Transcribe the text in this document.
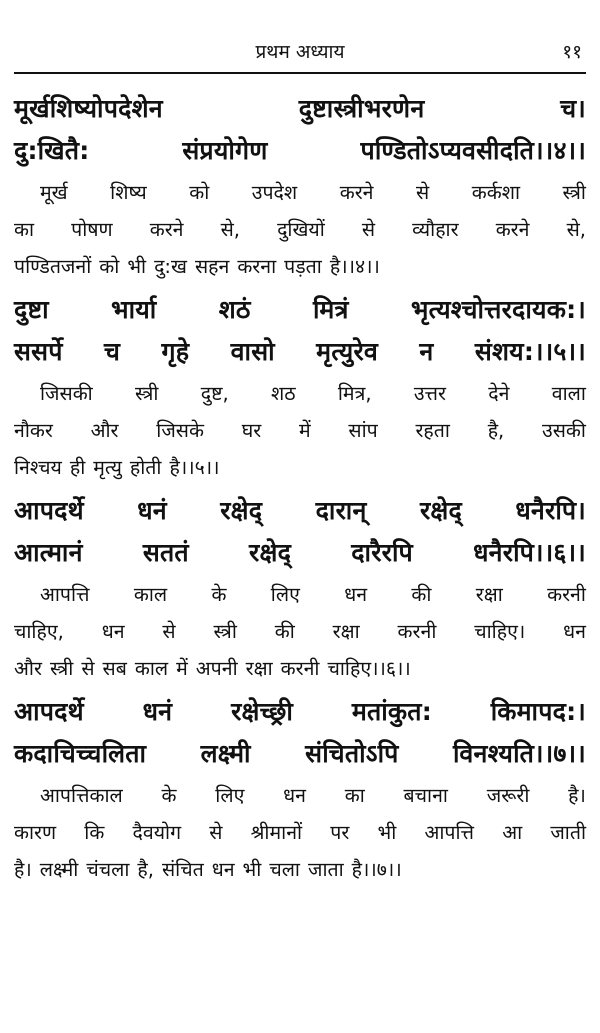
प्रथम अध्याय	११
मूर्खशिष्योपदेशेन	दुष्टास्त्रीभरणेन	च।
दु:खितै:	संप्रयोगेण	पण्डितोऽप्यवसीदति।।४।।
मूर्ख शिष्य को उपदेश करने से कर्कशा स्त्री
का पोषण करने से, दुखियों से व्यौहार करने से,
पण्डितजनों को भी दु:ख सहन करना पड़ता है।।४।।
दुष्टा भार्या शठं मित्रं भृत्यश्चोत्तरदायक:।
ससर्पे च गृहे वासो मृत्युरेव न संशय:।।५।।
जिसकी स्त्री दुष्ट, शठ मित्र, उत्तर देने वाला
नौकर और जिसके घर में सांप रहता है, उसकी
निश्चय ही मृत्यु होती है।।५।।
आपदर्थे धनं रक्षेद् दारान् रक्षेद् धनैरपि।
आत्मानं सततं रक्षेद् दारैरपि धनैरपि।।६।।
आपत्ति काल के लिए धन की रक्षा करनी
चाहिए, धन से स्त्री की रक्षा करनी चाहिए। धन
और स्त्री से सब काल में अपनी रक्षा करनी चाहिए।।६।।
आपदर्थे धनं रक्षेच्छ्री मतांकुत: किमापद:।
कदाचिच्चलिता लक्ष्मी संचितोऽपि विनश्यति।।७।।
आपत्तिकाल के लिए धन का बचाना जरूरी है।
कारण कि दैवयोग से श्रीमानों पर भी आपत्ति आ जाती
है। लक्ष्मी चंचला है, संचित धन भी चला जाता है।।७।।
